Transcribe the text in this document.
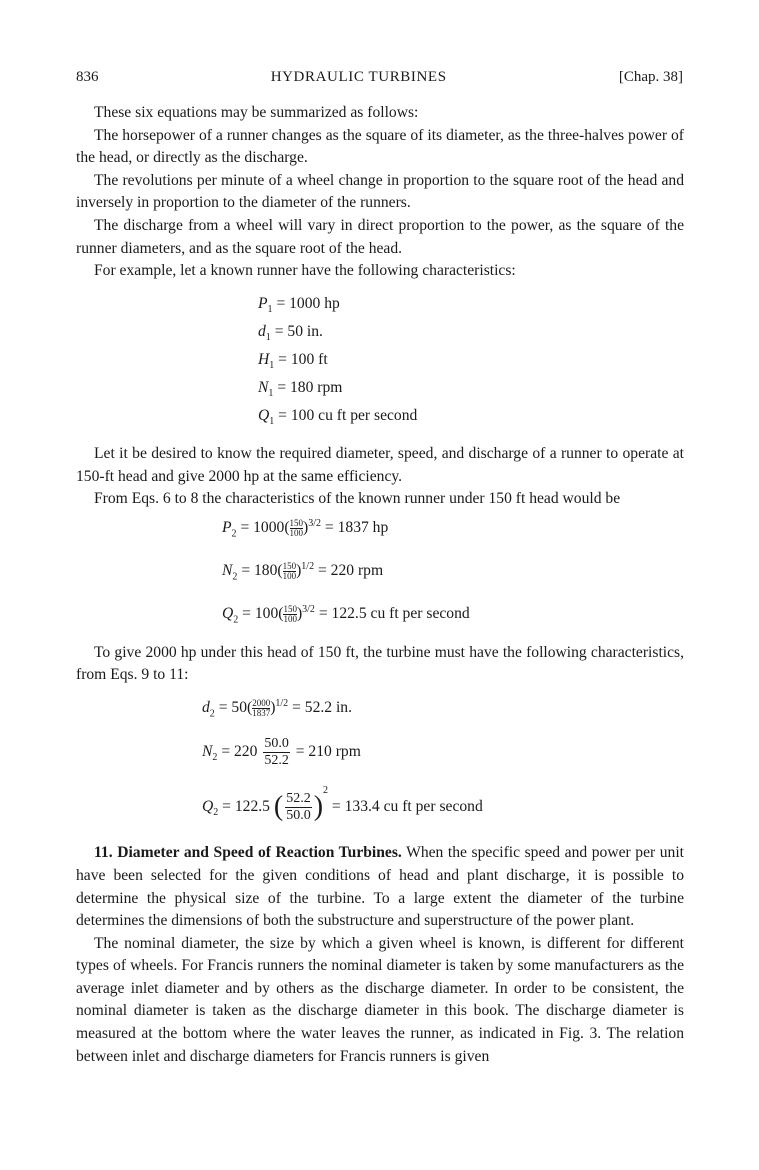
836	HYDRAULIC TURBINES	[Chap. 38]

These six equations may be summarized as follows:

The horsepower of a runner changes as the square of its diameter, as the three-halves power of the head, or directly as the discharge.

The revolutions per minute of a wheel change in proportion to the square root of the head and inversely in proportion to the diameter of the runners.

The discharge from a wheel will vary in direct proportion to the power, as the square of the runner diameters, and as the square root of the head.

For example, let a known runner have the following characteristics:

$P_1 = 1000$ hp
$d_1 = 50$ in.
$H_1 = 100$ ft
$N_1 = 180$ rpm
$Q_1 = 100$ cu ft per second

Let it be desired to know the required diameter, speed, and discharge of a runner to operate at 150-ft head and give 2000 hp at the same efficiency.

From Eqs. 6 to 8 the characteristics of the known runner under 150 ft head would be

$P_2 = 1000( \frac{150}{100} )^{3/2} = 1837$ hp
$N_2 = 180( \frac{150}{100} )^{1/2} = 220$ rpm
$Q_2 = 100( \frac{150}{100} )^{3/2} = 122.5$ cu ft per second

To give 2000 hp under this head of 150 ft, the turbine must have the following characteristics, from Eqs. 9 to 11:

$d_2 = 50( \frac{2000}{1837} )^{1/2} = 52.2$ in.
$N_2 = 220 \frac{50.0}{52.2} = 210$ rpm
$Q_2 = 122.5$ ( $\frac{52.2}{50.0} )^2 = 133.4$ cu ft per second

11. Diameter and Speed of Reaction Turbines. When the specific speed and power per unit have been selected for the given conditions of head and plant discharge, it is possible to determine the physical size of the turbine. To a large extent the diameter of the turbine determines the dimensions of both the substructure and superstructure of the power plant.

The nominal diameter, the size by which a given wheel is known, is different for different types of wheels. For Francis runners the nominal diameter is taken by some manufacturers as the average inlet diameter and by others as the discharge diameter. In order to be consistent, the nominal diameter is taken as the discharge diameter in this book. The discharge diameter is measured at the bottom where the water leaves the runner, as indicated in Fig. 3. The relation between inlet and discharge diameters for Francis runners is given
